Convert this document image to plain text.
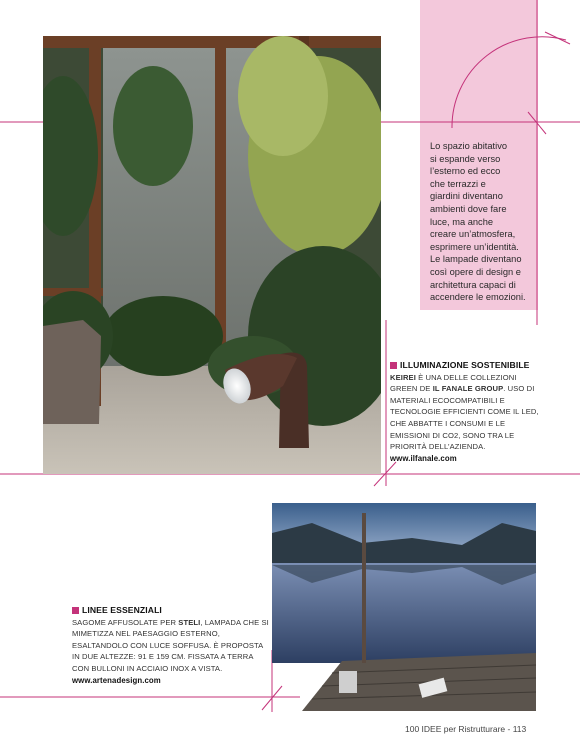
Lo spazio abitativo
si espande verso
l’esterno ed ecco
che terrazzi e
giardini diventano
ambienti dove fare
luce, ma anche
creare un’atmosfera,
esprimere un’identità.
Le lampade diventano
così opere di design e
architettura capaci di
accendere le emozioni.
ILLUMINAZIONE SOSTENIBILE
KEIREI È UNA DELLE COLLEZIONI GREEN DE IL FANALE GROUP. USO DI MATERIALI ECOCOMPATIBILI E TECNOLOGIE EFFICIENTI COME IL LED, CHE ABBATTE I CONSUMI E LE EMISSIONI DI CO2, SONO TRA LE PRIORITÀ DELL’AZIENDA.
www.ilfanale.com
LINEE ESSENZIALI
SAGOME AFFUSOLATE PER STELI, LAMPADA CHE SI MIMETIZZA NEL PAESAGGIO ESTERNO, ESALTANDOLO CON LUCE SOFFUSA. È PROPOSTA IN DUE ALTEZZE: 91 E 159 CM. FISSATA A TERRA CON BULLONI IN ACCIAIO INOX A VISTA.
www.artenadesign.com
100 IDEE per Ristrutturare - 113
